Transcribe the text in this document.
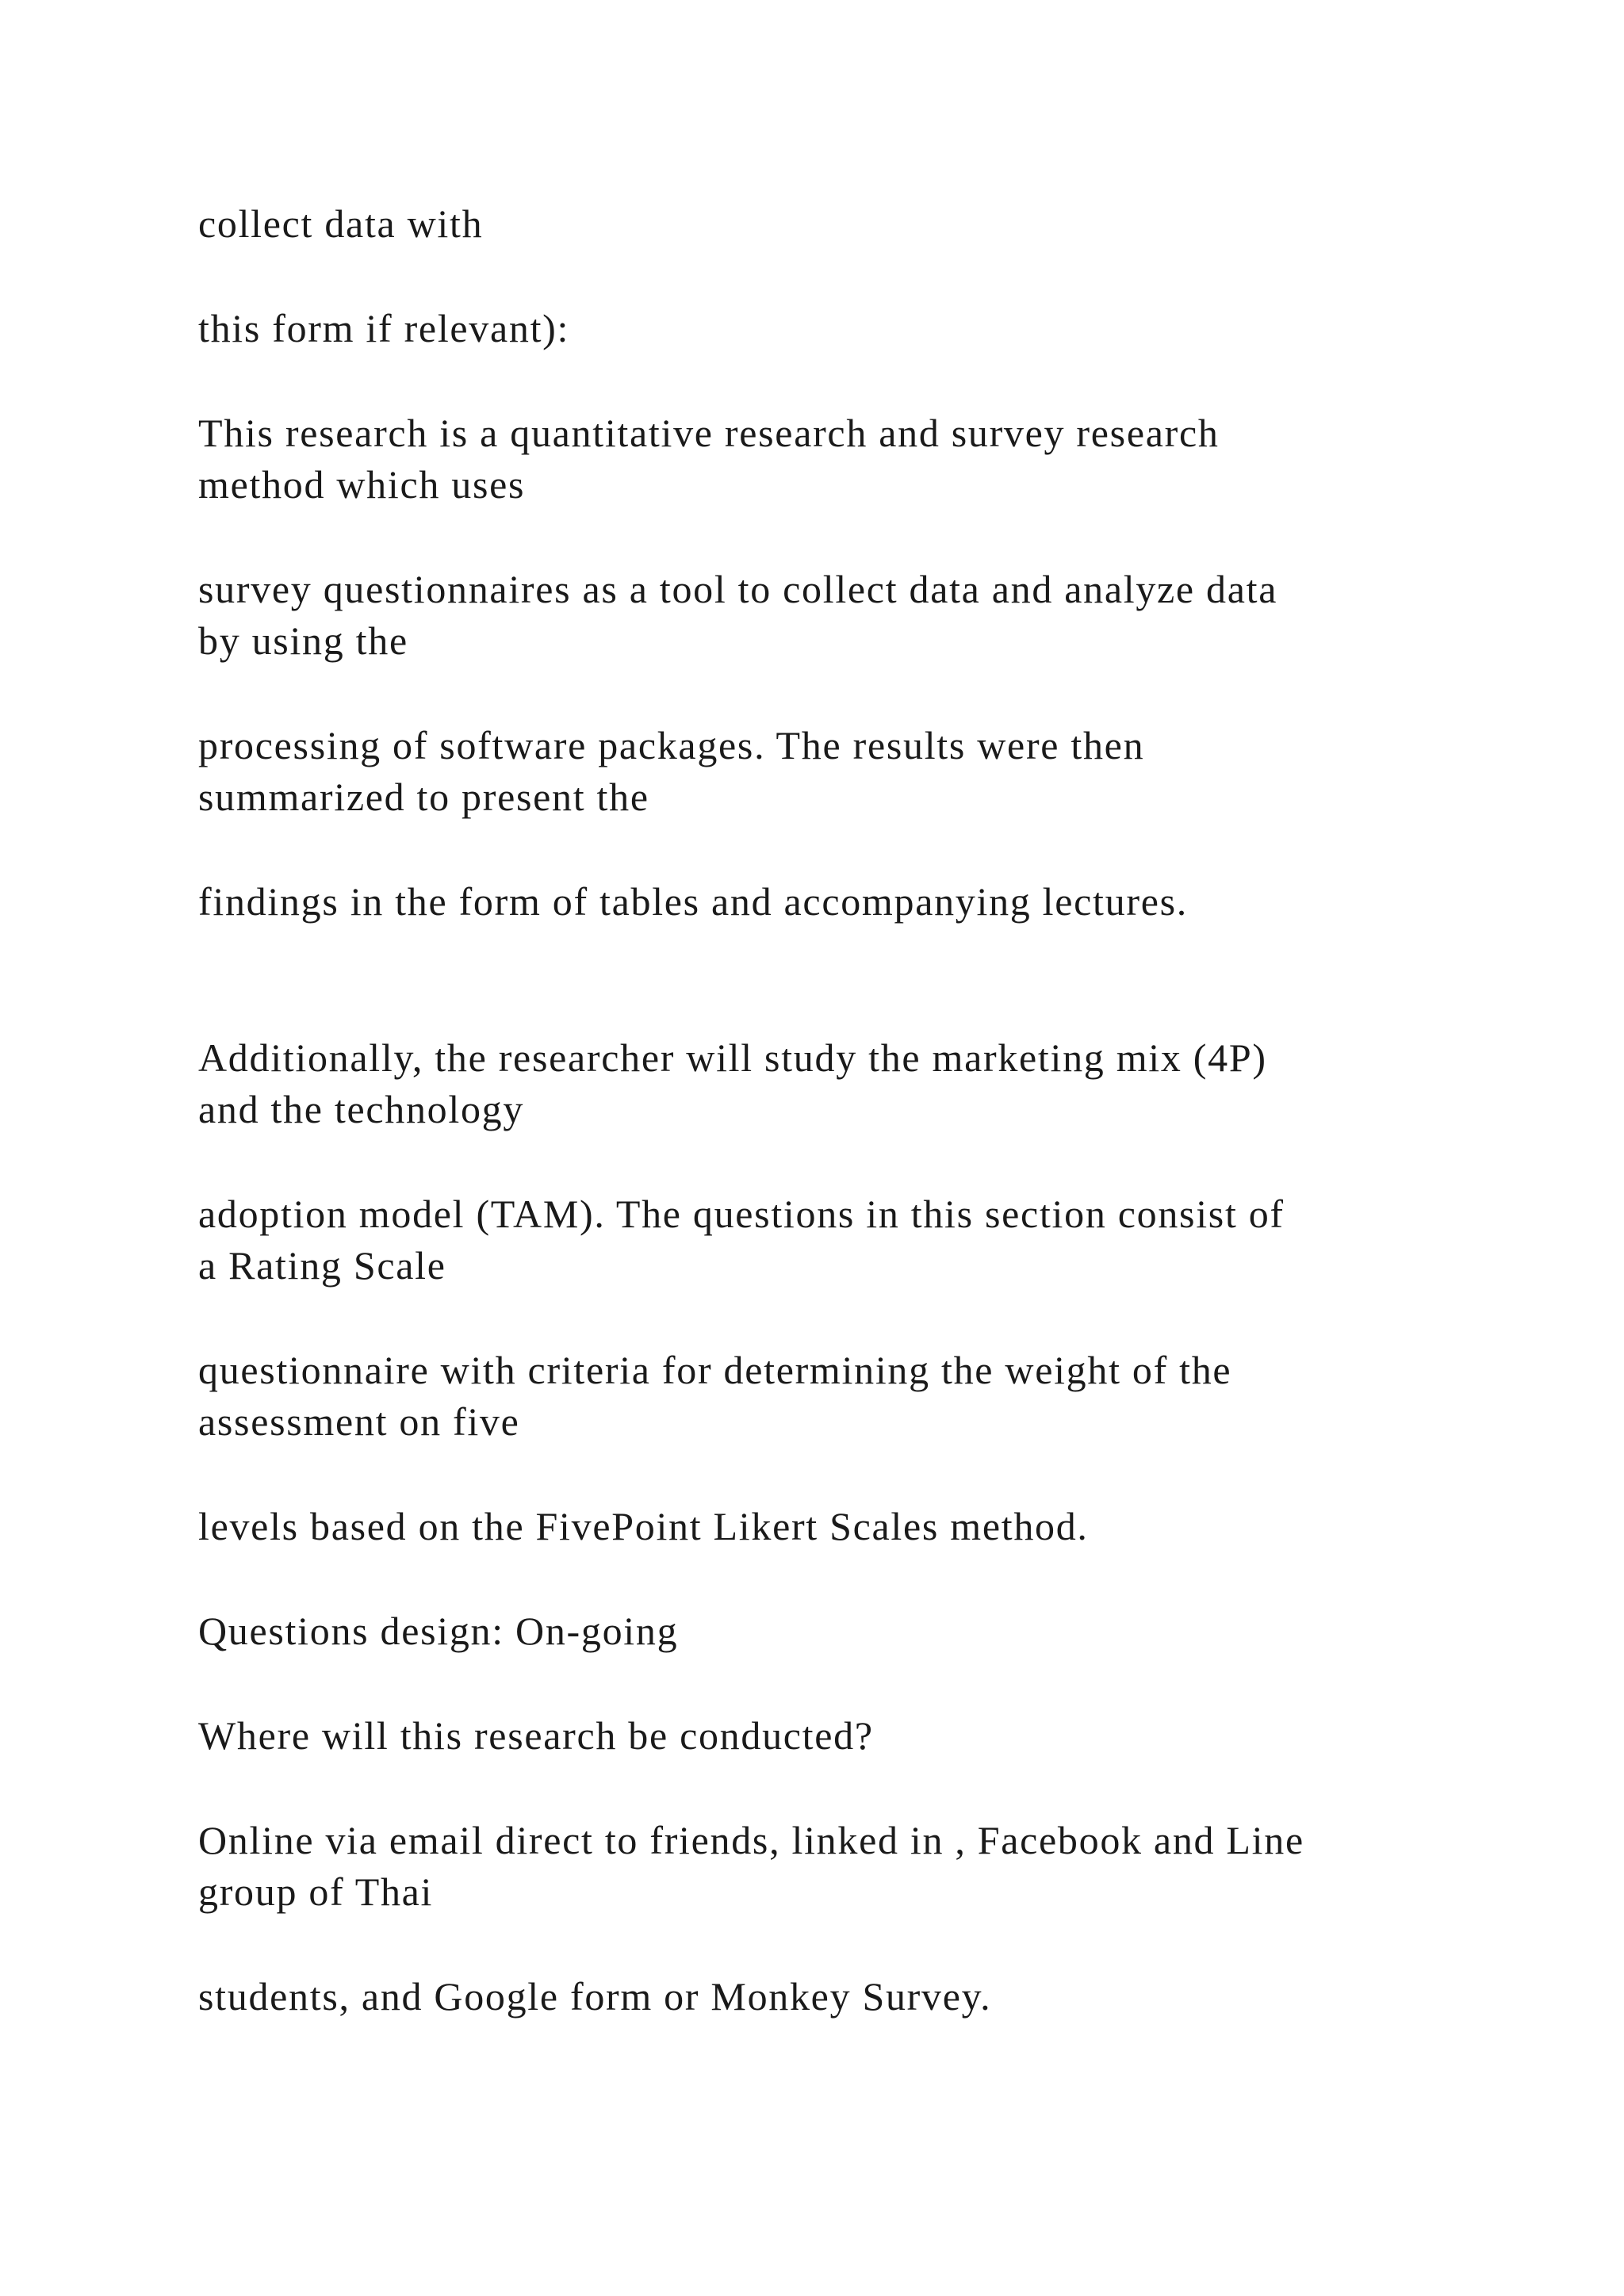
collect data with

this form if relevant):

This research is a quantitative research and survey research
method which uses

survey questionnaires as a tool to collect data and analyze data
by using the

processing of software packages. The results were then
summarized to present the

findings in the form of tables and accompanying lectures.

Additionally, the researcher will study the marketing mix (4P)
and the technology

adoption model (TAM). The questions in this section consist of
a Rating Scale

questionnaire with criteria for determining the weight of the
assessment on five

levels based on the FivePoint Likert Scales method.

Questions design: On-going

Where will this research be conducted?

Online via email direct to friends, linked in , Facebook and Line
group of Thai

students, and Google form or Monkey Survey.
